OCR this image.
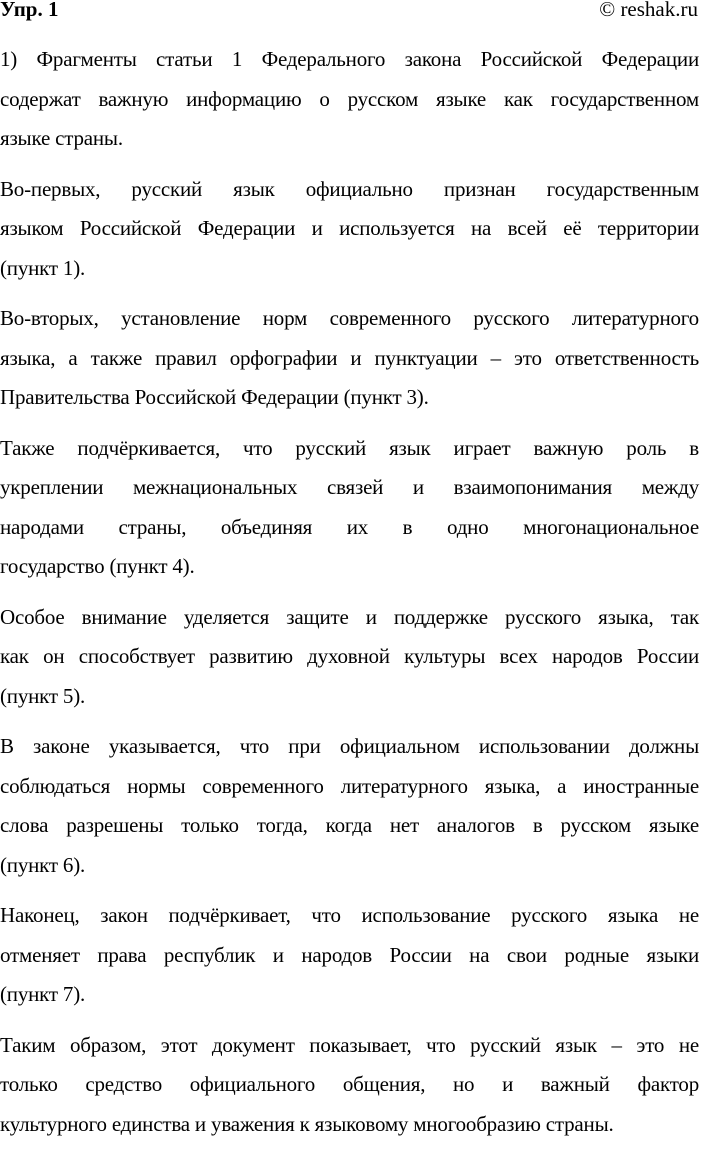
Упр. 1	© reshak.ru
1) Фрагменты статьи 1 Федерального закона Российской Федерации
содержат важную информацию о русском языке как государственном
языке страны.
Во-первых, русский язык официально признан государственным
языком Российской Федерации и используется на всей её территории
(пункт 1).
Во-вторых, установление норм современного русского литературного
языка, а также правил орфографии и пунктуации – это ответственность
Правительства Российской Федерации (пункт 3).
Также подчёркивается, что русский язык играет важную роль в
укреплении межнациональных связей и взаимопонимания между
народами страны, объединяя их в одно многонациональное
государство (пункт 4).
Особое внимание уделяется защите и поддержке русского языка, так
как он способствует развитию духовной культуры всех народов России
(пункт 5).
В законе указывается, что при официальном использовании должны
соблюдаться нормы современного литературного языка, а иностранные
слова разрешены только тогда, когда нет аналогов в русском языке
(пункт 6).
Наконец, закон подчёркивает, что использование русского языка не
отменяет права республик и народов России на свои родные языки
(пункт 7).
Таким образом, этот документ показывает, что русский язык – это не
только средство официального общения, но и важный фактор
культурного единства и уважения к языковому многообразию страны.
